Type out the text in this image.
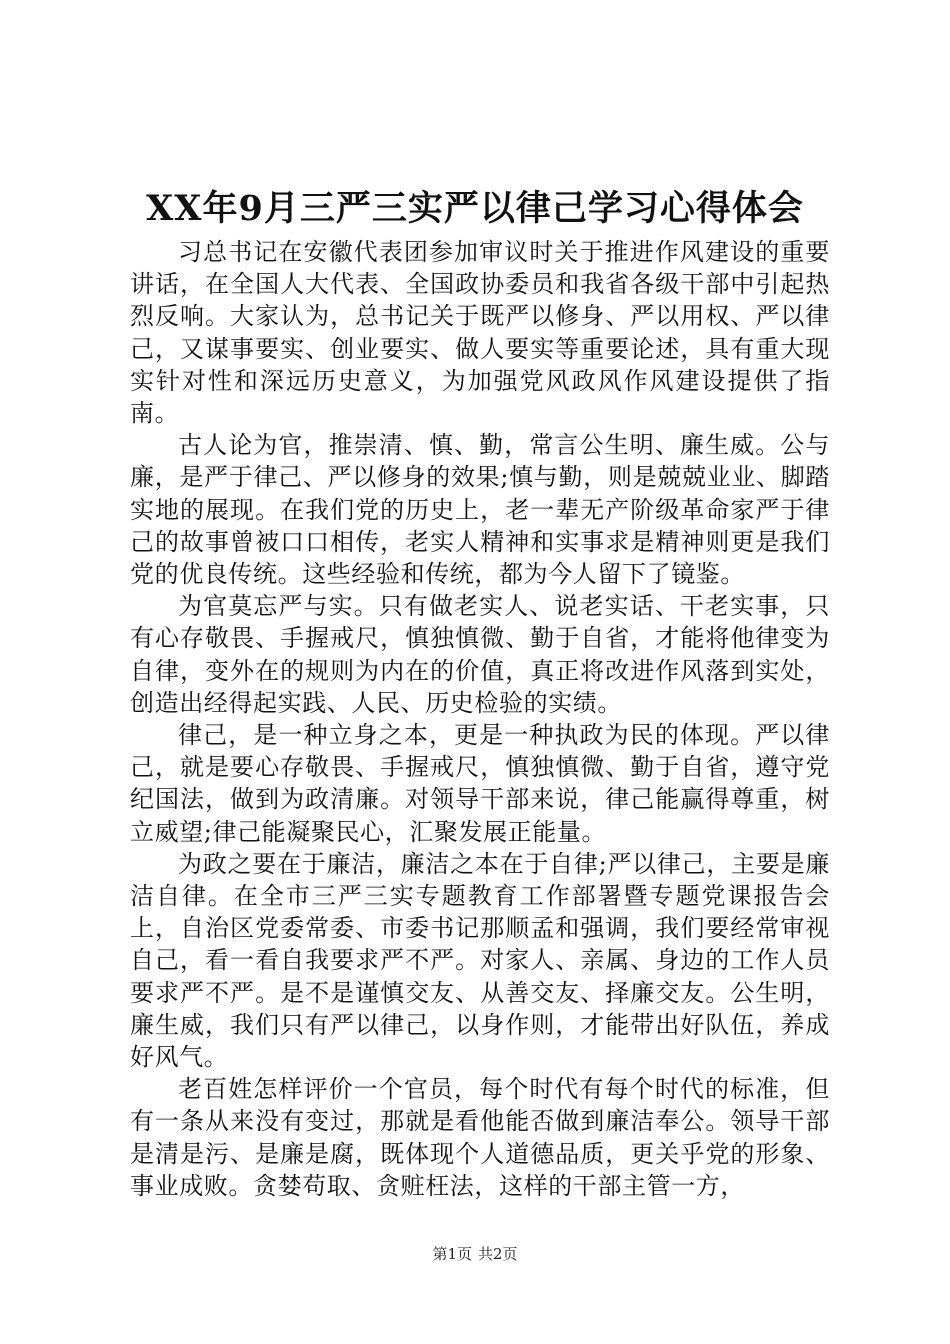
XX年9月三严三实严以律己学习心得体会

习总书记在安徽代表团参加审议时关于推进作风建设的重要讲话，在全国人大代表、全国政协委员和我省各级干部中引起热烈反响。大家认为，总书记关于既严以修身、严以用权、严以律己，又谋事要实、创业要实、做人要实等重要论述，具有重大现实针对性和深远历史意义，为加强党风政风作风建设提供了指南。

古人论为官，推崇清、慎、勤，常言公生明、廉生威。公与廉，是严于律己、严以修身的效果;慎与勤，则是兢兢业业、脚踏实地的展现。在我们党的历史上，老一辈无产阶级革命家严于律己的故事曾被口口相传，老实人精神和实事求是精神则更是我们党的优良传统。这些经验和传统，都为今人留下了镜鉴。

为官莫忘严与实。只有做老实人、说老实话、干老实事，只有心存敬畏、手握戒尺，慎独慎微、勤于自省，才能将他律变为自律，变外在的规则为内在的价值，真正将改进作风落到实处，创造出经得起实践、人民、历史检验的实绩。

律己，是一种立身之本，更是一种执政为民的体现。严以律己，就是要心存敬畏、手握戒尺，慎独慎微、勤于自省，遵守党纪国法，做到为政清廉。对领导干部来说，律己能赢得尊重，树立威望;律己能凝聚民心，汇聚发展正能量。

为政之要在于廉洁，廉洁之本在于自律;严以律己，主要是廉洁自律。在全市三严三实专题教育工作部署暨专题党课报告会上，自治区党委常委、市委书记那顺孟和强调，我们要经常审视自己，看一看自我要求严不严。对家人、亲属、身边的工作人员要求严不严。是不是谨慎交友、从善交友、择廉交友。公生明，廉生威，我们只有严以律己，以身作则，才能带出好队伍，养成好风气。

老百姓怎样评价一个官员，每个时代有每个时代的标准，但有一条从来没有变过，那就是看他能否做到廉洁奉公。领导干部是清是污、是廉是腐，既体现个人道德品质，更关乎党的形象、事业成败。贪婪苟取、贪赃枉法，这样的干部主管一方，

第1页 共2页
